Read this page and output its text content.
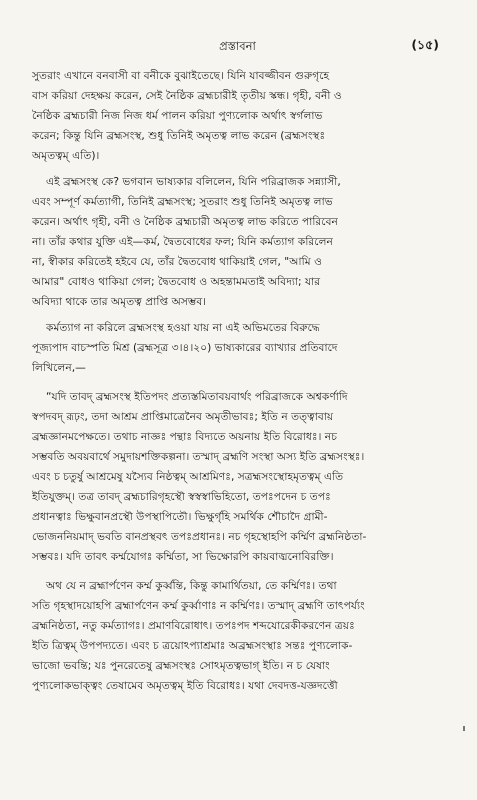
প্রস্তাবনা	(১৫)
সুতরাং এখানে বনবাসী বা বনীকে বুঝাইতেছে। যিনি যাবজ্জীবন গুরুগৃহে
বাস করিয়া দেহক্ষয় করেন, সেই নৈষ্ঠিক ব্রহ্মচারীই তৃতীয় স্কন্ধ। গৃহী, বনী ও
নৈষ্ঠিক ব্রহ্মচারী নিজ নিজ ধর্ম পালন করিয়া পুণ্যলোক অর্থাৎ স্বর্গলাভ
করেন; কিন্তু যিনি ব্রহ্মসংস্থ, শুধু তিনিই অমৃতত্ব লাভ করেন (ব্রহ্মসংস্থঃ
অমৃতত্বম্ এতি)।
এই ব্রহ্মসংস্থ কে? ভগবান ভাষ্যকার বলিলেন, যিনি পরিব্রাজক সন্ন্যাসী,
এবং সম্পূর্ণ কর্মত্যাগী, তিনিই ব্রহ্মসংস্থ; সুতরাং শুধু তিনিই অমৃতত্ব লাভ
করেন। অর্থাৎ গৃহী, বনী ও নৈষ্ঠিক ব্রহ্মচারী অমৃতত্ব লাভ করিতে পারিবেন
না। তাঁর কথার যুক্তি এই—কর্ম, দ্বৈতবোধের ফল; যিনি কর্মত্যাগ করিলেন
না, স্বীকার করিতেই হইবে যে, তাঁর দ্বৈতবোধ থাকিয়াই গেল, "আমি ও
আমার" বোধও থাকিয়া গেল; দ্বৈতবোধ ও অহন্তামমতাই অবিদ্যা; যার
অবিদ্যা থাকে তার অমৃতত্ব প্রাপ্তি অসম্ভব।
কর্মত্যাগ না করিলে ব্রহ্মসংস্থ হওয়া যায় না এই অভিমতের বিরুদ্ধে
পূজ্যপাদ বাচস্পতি মিশ্র (ব্রহ্মসূত্র ৩।৪।২০) ভাষ্যকারের ব্যাখ্যার প্রতিবাদে
লিখিলেন,—
“যদি তাবদ্ ব্রহ্মসংস্থ ইতিপদং প্রত্যস্তমিতাবয়বার্থং পরিব্রাজকে অশ্বকর্ণাদি
স্বপদবদ্ রূঢ়ং, তদা আশ্রম প্রাপ্তিমাত্রেনৈব অমৃতীভাবঃ; ইতি ন তত্ত্বাবায়
ব্রহ্মজ্ঞানমপেক্ষতে। তথাচ নাজ্ঞঃ পন্থাঃ বিদ্যতে অয়নায় ইতি বিরোধঃ। নচ
সম্ভবতি অবয়বার্থে সমুদায়শক্তিকল্পনা। তস্মাদ্ ব্রহ্মণি সংস্থা অস্য ইতি ব্রহ্মসংস্থঃ।
এবং চ চতুর্ষু আশ্রমেষু যস্যৈব নিষ্ঠত্বম্ আশ্রমিণঃ, সত্রহ্মসংস্থোহমৃতত্বম্ এতি
ইতিযুক্তম্। তত্র তাবদ্ ব্রহ্মচারিগৃহস্থৌ স্বস্বস্বাভিহিতো, তপঃপদেন চ তপঃ
প্রধানত্বাঃ ভিক্ষুবানপ্রস্থৌ উপস্থাপিতৌ। ভিক্ষুর্গৃহি সমর্থিক শৌচাদৈ গ্রামী-
ভোজননিয়মাদ্ ভবতি বানপ্রস্থবৎ তপঃপ্রধানঃ। নচ গৃহস্থোহপি কর্ম্মিণ ব্রহ্মনিষ্ঠতা-
সম্ভবঃ। যদি তাবৎ কর্ম্মযোগঃ কর্ম্মিতা, সা ভিক্ষোরপি কায়বাঙ্মনোবিরক্তি।
অথ যে ন ব্রহ্মার্পণেন কর্ম্ম কুর্ব্বন্তি, কিন্তু কামার্থিতয়া, তে কর্ম্মিণঃ। তথা
সতি গৃহস্থাদয়োহপি ব্রহ্মার্পণেন কর্ম্ম কুর্ব্বাণাঃ ন কর্ম্মিণঃ। তস্মাদ্ ব্রহ্মণি তাৎপর্য্যং
ব্রহ্মনিষ্ঠতা, নতু কর্মত্যাগঃ। প্রমাণবিরোধাৎ। তপঃপদ শব্দযোরেকীকরণেন ত্রয়ঃ
ইতি ত্রিত্বম্ উপপদ্যতে। এবং চ ত্রয়োঽপ্যাশ্রমাঃ অব্রহ্মসংস্থাঃ সন্তঃ পুণ্যলোক-
ভাজো ভবন্তি; যঃ পুনরেতেষু ব্রহ্মসংস্থঃ সোঽমৃতত্বভাগ্ ইতি। ন চ যেষাং
পুণ্যলোকভাক্ত্বং তেষামেব অমৃতত্বম্ ইতি বিরোধঃ। যথা দেবদত্ত-যজ্ঞদত্তৌ
